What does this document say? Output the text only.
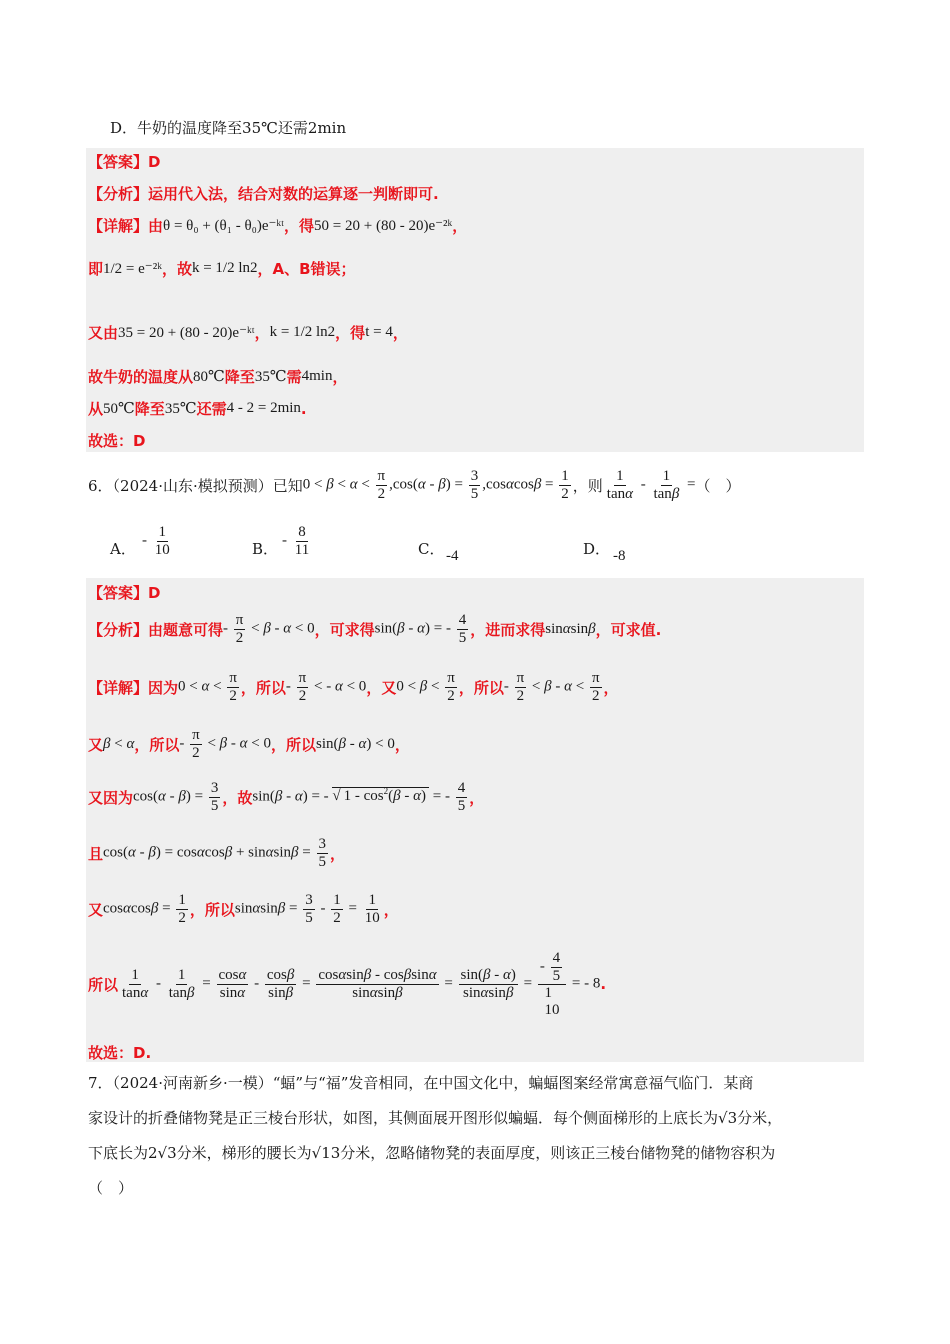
D．牛奶的温度降至35℃还需2min
【答案】D
【分析】运用代入法，结合对数的运算逐一判断即可.
【详解】由 θ = θ₀ + (θ₁ - θ₀)e⁻ᵏᵗ ，得 50 = 20 + (80 - 20)e⁻²ᵏ ，
即 1/2 = e⁻²ᵏ ，故 k = 1/2 ln2 ，A、B错误；
又由 35 = 20 + (80 - 20)e⁻ᵏᵗ ， k = 1/2 ln2 ，得 t = 4 ，
故牛奶的温度从 80℃ 降至 35℃ 需 4min ，
从 50℃ 降至 35℃ 还需 4 - 2 = 2min .
故选：D
6．（2024·山东·模拟预测）已知 $0 < \beta < \alpha < \frac{\pi}{2} ,\cos(\alpha - \beta) = \frac{3}{5} ,\cos\alpha\cos\beta = \frac{1}{2}$ ，则 $\frac{1}{\tan\alpha} - \frac{1}{\tan\beta}$ = （　）
A． - $\frac{1}{10}$	B． - $\frac{8}{11}$	C． -4	D． -8
【答案】D
【分析】由题意可得 - $\frac{\pi}{2} < \beta - \alpha < 0$ ，可求得 sin(β - α) = - $\frac{4}{5}$ ，进而求得 sinαsinβ ，可求值.
【详解】因为 $0 < \alpha < \frac{\pi}{2}$ ，所以 - $\frac{\pi}{2}$ < - α < 0 ，又 $0 < \beta < \frac{\pi}{2}$ ，所以 - $\frac{\pi}{2} < \beta - \alpha < \frac{\pi}{2}$ ，
又 β < α ，所以 - $\frac{\pi}{2} < \beta - \alpha < 0$ ，所以 sin(β - α) < 0 ，
又因为 $\cos(\alpha - \beta) = \frac{3}{5}$ ，故 sin(β - α) = - √ $1 - \cos^2(\beta - \alpha)$ = - $\frac{4}{5}$ ，
且 $\cos(\alpha - \beta) = \cos\alpha\cos\beta + \sin\alpha\sin\beta = \frac{3}{5}$ ，
又 $\cos\alpha\cos\beta = \frac{1}{2}$ ，所以 $\sin\alpha\sin\beta = \frac{3}{5} - \frac{1}{2} = \frac{1}{10}$ ，
所以 $\frac{1}{\tan\alpha} - \frac{1}{\tan\beta} = \frac{\cos\alpha}{\sin\alpha} - \frac{\cos\beta}{\sin\beta} = \frac{\cos\alpha\sin\beta - \cos\beta\sin\alpha}{\sin\alpha\sin\beta} = \frac{\sin(\beta - \alpha)}{\sin\alpha\sin\beta}$ =
- $\frac{4}{5}$
1
10
= - 8 .
故选：D.
7．（2024·河南新乡·一模）“蝠”与“福”发音相同，在中国文化中，蝙蝠图案经常寓意福气临门．某商
家设计的折叠储物凳是正三棱台形状，如图，其侧面展开图形似蝙蝠．每个侧面梯形的上底长为√3分米，
下底长为2√3分米，梯形的腰长为√13分米，忽略储物凳的表面厚度，则该正三棱台储物凳的储物容积为
（　）
